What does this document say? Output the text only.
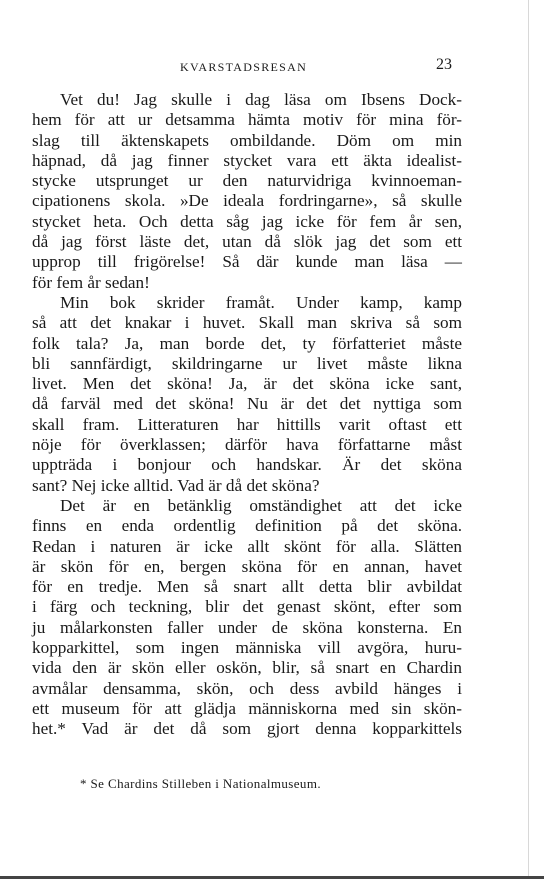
KVARSTADSRESAN	23
Vet du! Jag skulle i dag läsa om Ibsens Dock-
hem för att ur detsamma hämta motiv för mina för-
slag till äktenskapets ombildande. Döm om min
häpnad, då jag finner stycket vara ett äkta idealist-
stycke utsprunget ur den naturvidriga kvinnoeman-
cipationens skola. »De ideala fordringarne», så skulle
stycket heta. Och detta såg jag icke för fem år sen,
då jag först läste det, utan då slök jag det som ett
upprop till frigörelse! Så där kunde man läsa —
för fem år sedan!
Min bok skrider framåt. Under kamp, kamp
så att det knakar i huvet. Skall man skriva så som
folk tala? Ja, man borde det, ty författeriet måste
bli sannfärdigt, skildringarne ur livet måste likna
livet. Men det sköna! Ja, är det sköna icke sant,
då farväl med det sköna! Nu är det det nyttiga som
skall fram. Litteraturen har hittills varit oftast ett
nöje för överklassen; därför hava författarne måst
uppträda i bonjour och handskar. Är det sköna
sant? Nej icke alltid. Vad är då det sköna?
Det är en betänklig omständighet att det icke
finns en enda ordentlig definition på det sköna.
Redan i naturen är icke allt skönt för alla. Slätten
är skön för en, bergen sköna för en annan, havet
för en tredje. Men så snart allt detta blir avbildat
i färg och teckning, blir det genast skönt, efter som
ju målarkonsten faller under de sköna konsterna. En
kopparkittel, som ingen människa vill avgöra, huru-
vida den är skön eller oskön, blir, så snart en Chardin
avmålar densamma, skön, och dess avbild hänges i
ett museum för att glädja människorna med sin skön-
het.* Vad är det då som gjort denna kopparkittels
* Se Chardins Stilleben i Nationalmuseum.
